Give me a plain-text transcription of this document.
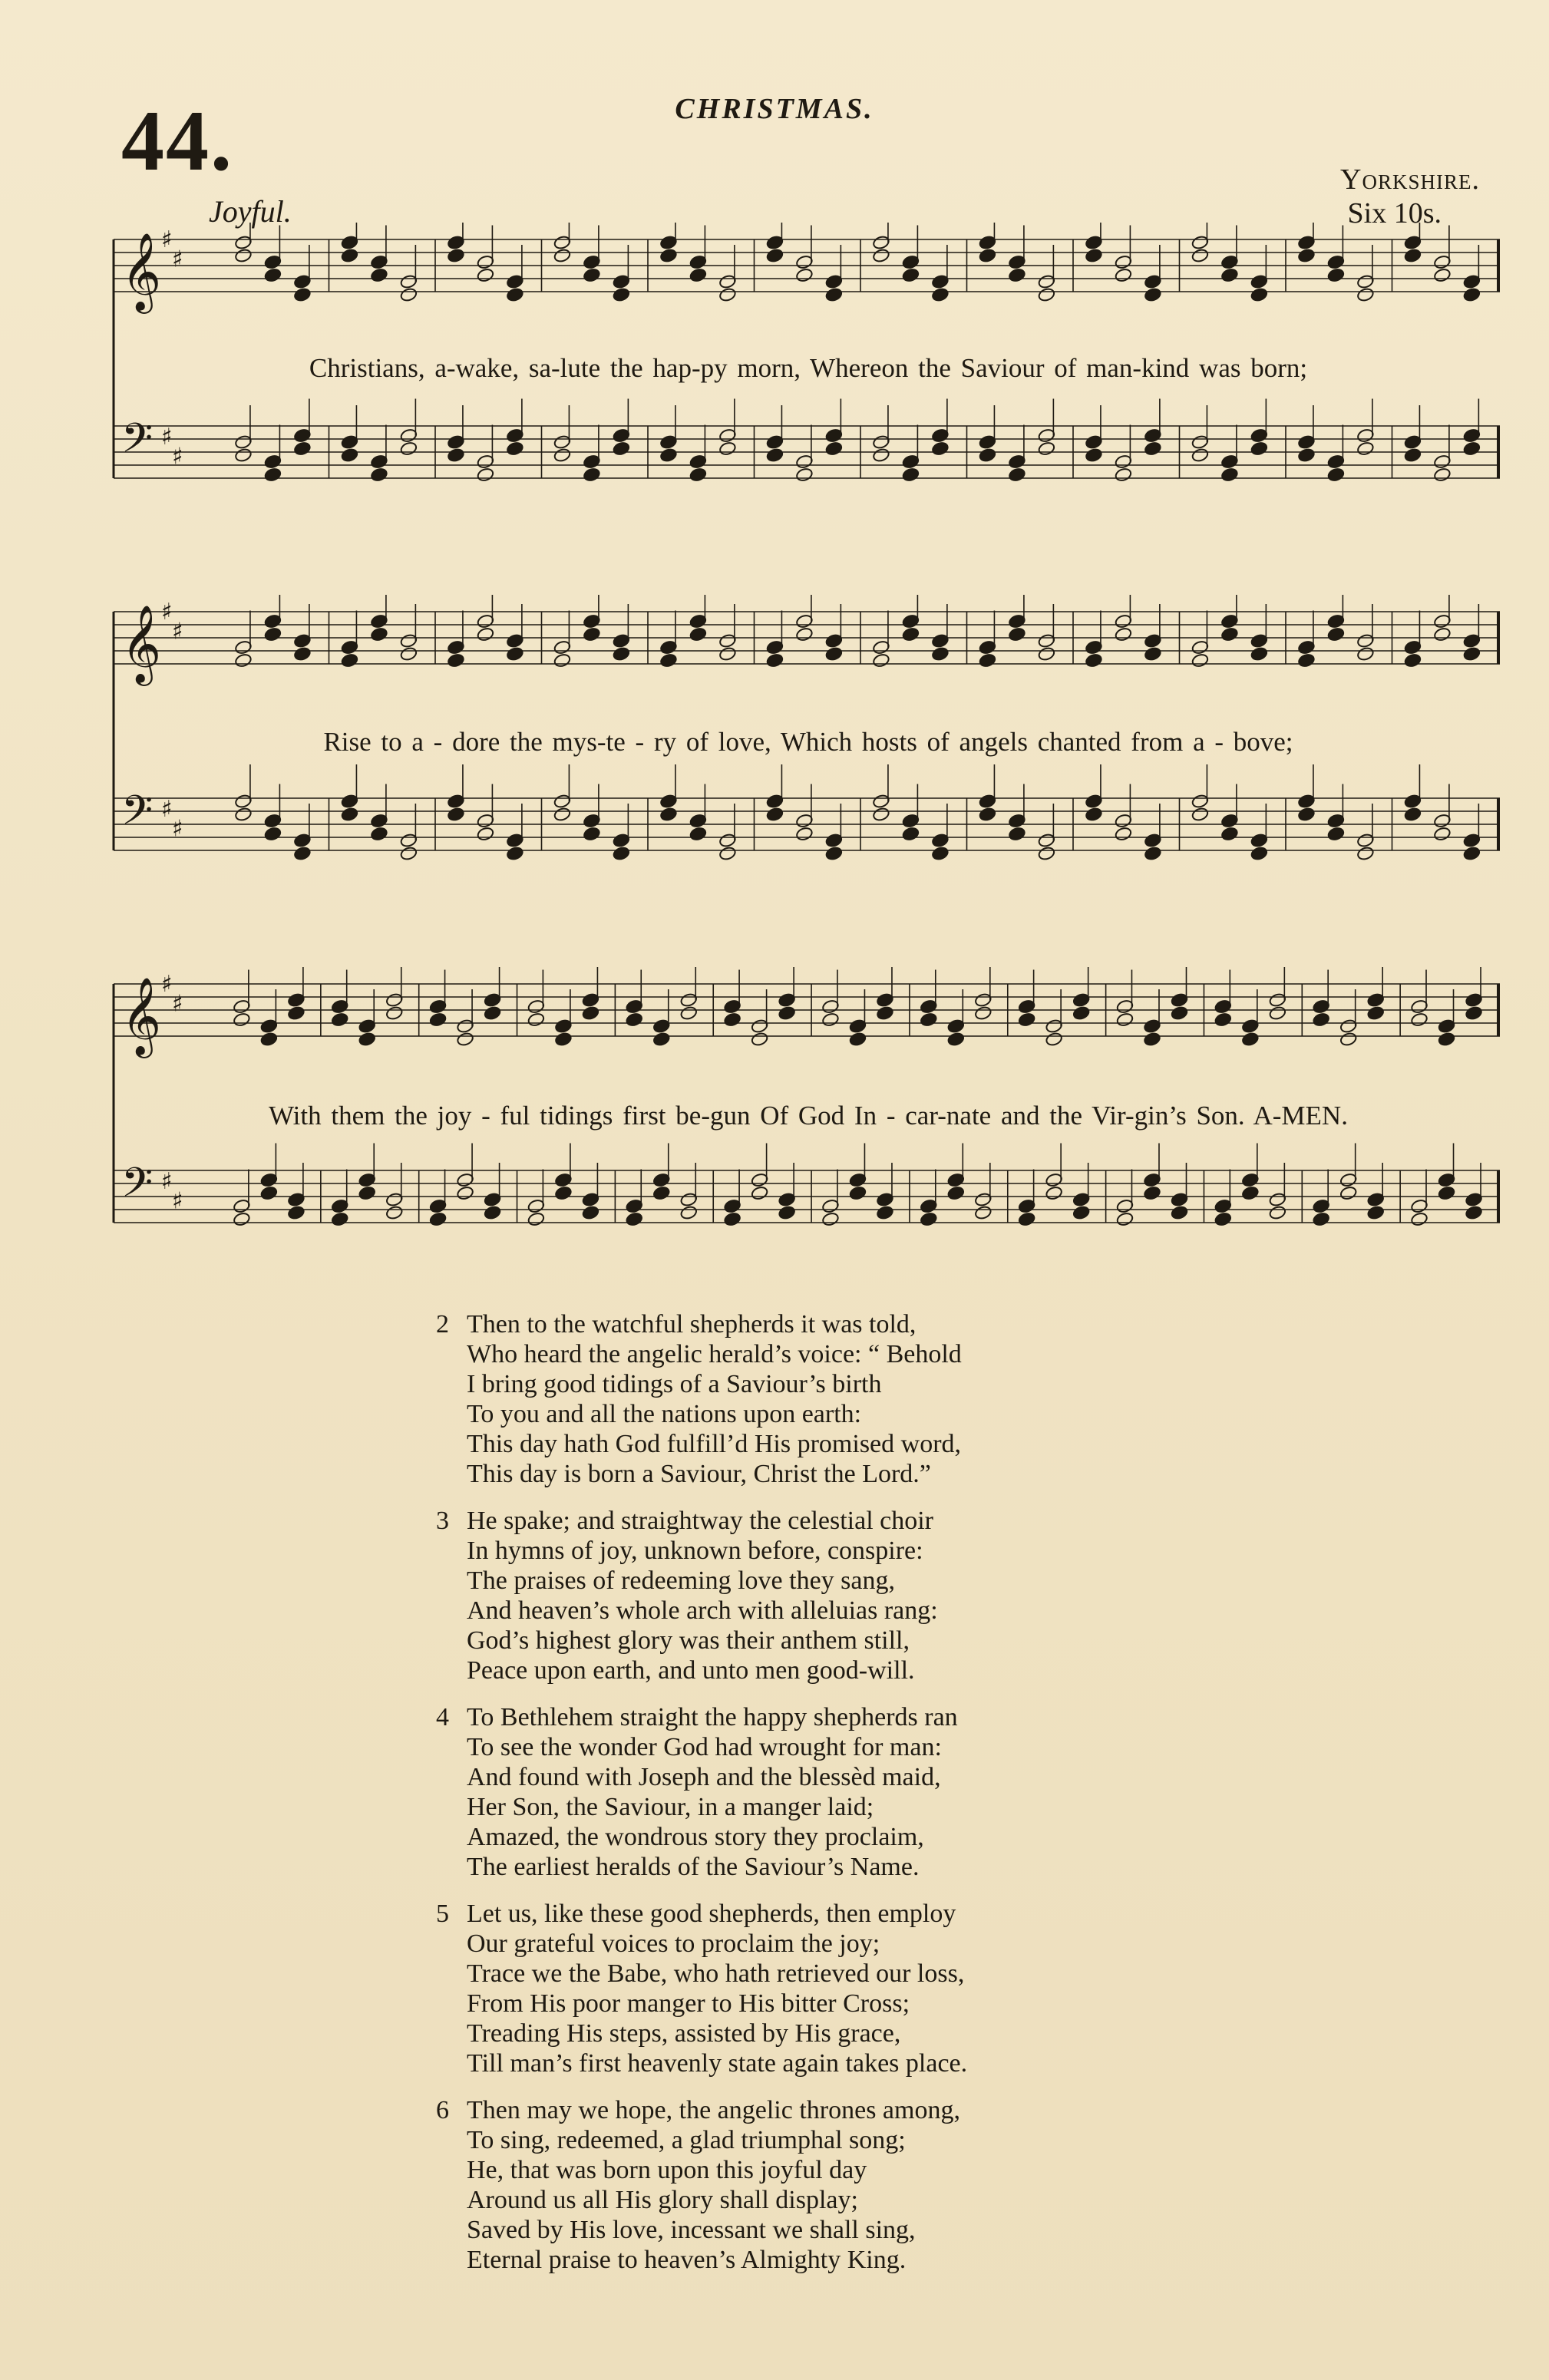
44.	CHRISTMAS.
Yorkshire.
Six 10s.
Joyful.
𝄞 ♯
♯
𝄢 ♯
♯
Christians, a-wake, sa-lute the hap-py morn, Whereon the Saviour of man-kind was born;
𝄞 ♯
♯
𝄢 ♯
♯
Rise to a - dore the mys-te - ry of love, Which hosts of angels chanted from a - bove;
𝄞 ♯
♯
𝄢 ♯
♯
With them the joy - ful tidings first be-gun Of God In - car-nate and the Vir-gin’s Son. A-MEN.
2 Then to the watchful shepherds it was told,
Who heard the angelic herald’s voice: “ Behold
I bring good tidings of a Saviour’s birth
To you and all the nations upon earth:
This day hath God fulfill’d His promised word,
This day is born a Saviour, Christ the Lord.”
3 He spake; and straightway the celestial choir
In hymns of joy, unknown before, conspire:
The praises of redeeming love they sang,
And heaven’s whole arch with alleluias rang:
God’s highest glory was their anthem still,
Peace upon earth, and unto men good-will.
4 To Bethlehem straight the happy shepherds ran
To see the wonder God had wrought for man:
And found with Joseph and the blessèd maid,
Her Son, the Saviour, in a manger laid;
Amazed, the wondrous story they proclaim,
The earliest heralds of the Saviour’s Name.
5 Let us, like these good shepherds, then employ
Our grateful voices to proclaim the joy;
Trace we the Babe, who hath retrieved our loss,
From His poor manger to His bitter Cross;
Treading His steps, assisted by His grace,
Till man’s first heavenly state again takes place.
6 Then may we hope, the angelic thrones among,
To sing, redeemed, a glad triumphal song;
He, that was born upon this joyful day
Around us all His glory shall display;
Saved by His love, incessant we shall sing,
Eternal praise to heaven’s Almighty King.
